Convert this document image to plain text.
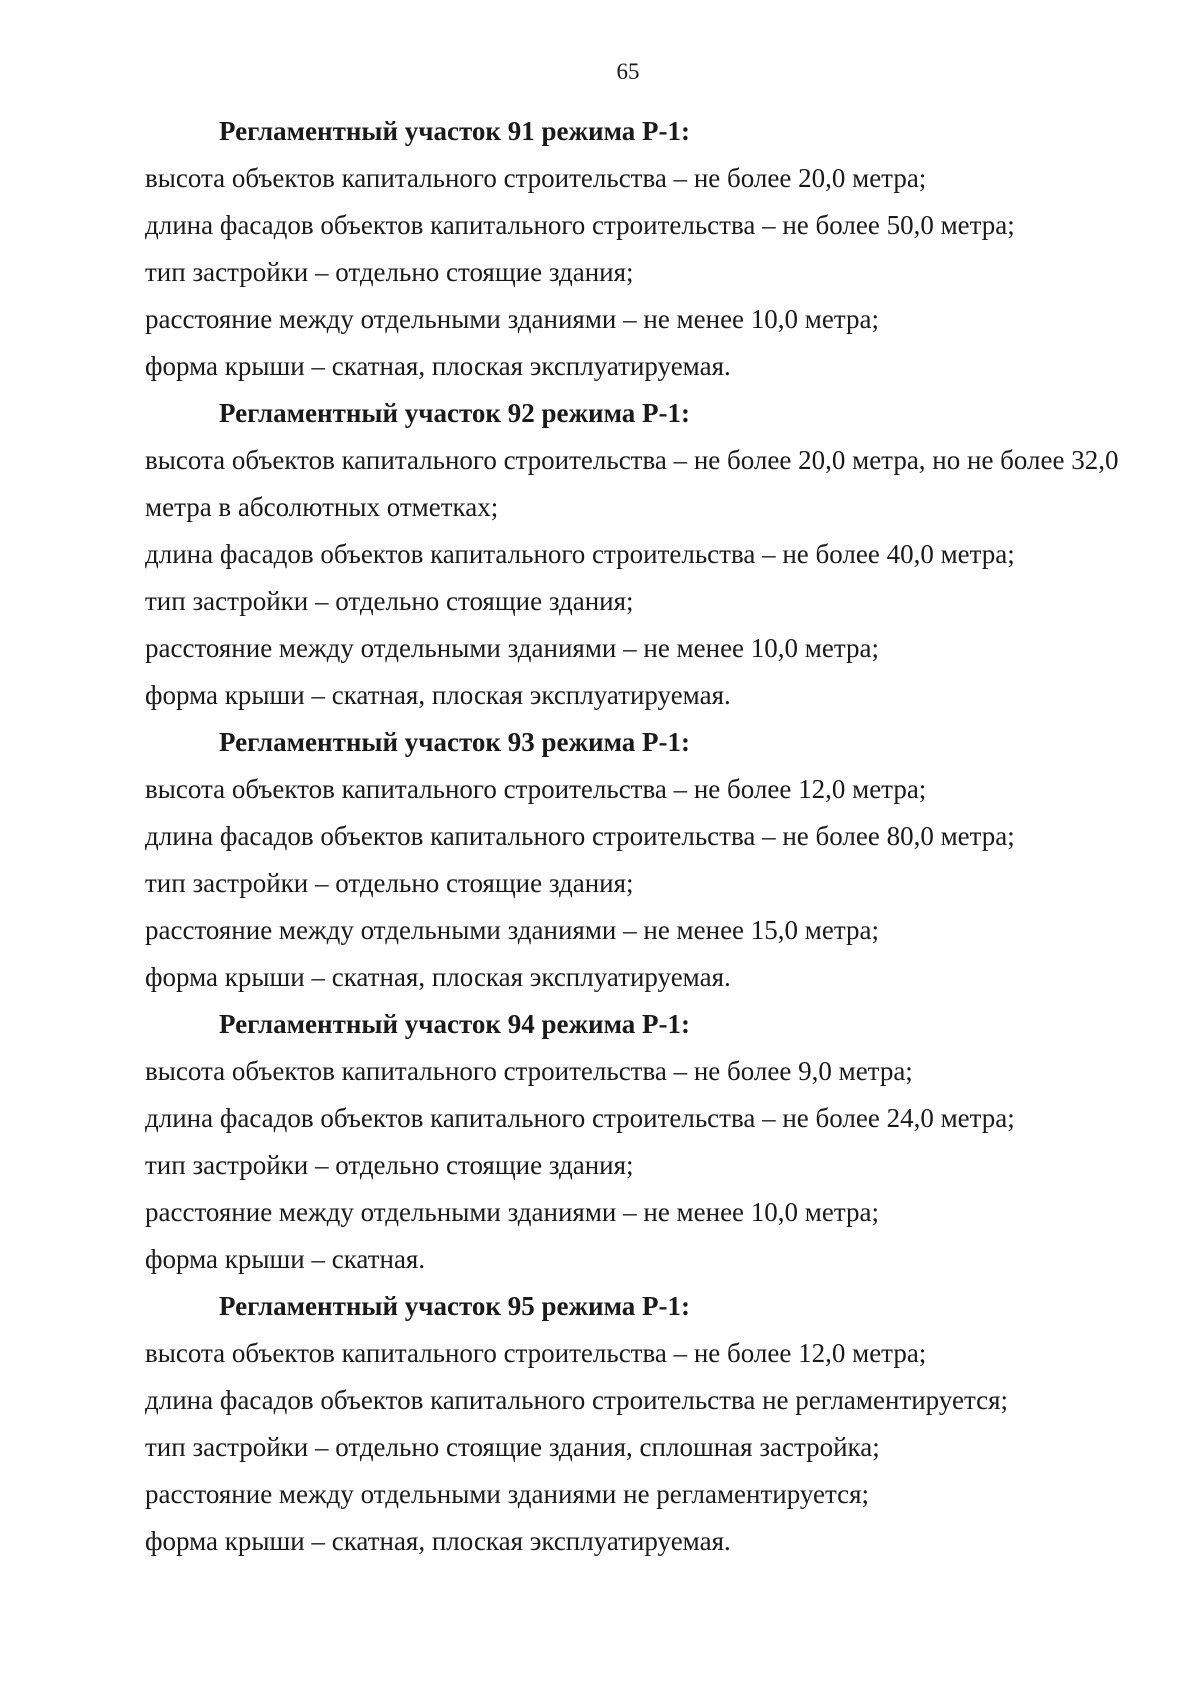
65
Регламентный участок 91 режима Р-1:
высота объектов капитального строительства – не более 20,0 метра;
длина фасадов объектов капитального строительства – не более 50,0 метра;
тип застройки – отдельно стоящие здания;
расстояние между отдельными зданиями – не менее 10,0 метра;
форма крыши – скатная, плоская эксплуатируемая.
Регламентный участок 92 режима Р-1:
высота объектов капитального строительства – не более 20,0 метра, но не более 32,0 метра в абсолютных отметках;
длина фасадов объектов капитального строительства – не более 40,0 метра;
тип застройки – отдельно стоящие здания;
расстояние между отдельными зданиями – не менее 10,0 метра;
форма крыши – скатная, плоская эксплуатируемая.
Регламентный участок 93 режима Р-1:
высота объектов капитального строительства – не более 12,0 метра;
длина фасадов объектов капитального строительства – не более 80,0 метра;
тип застройки – отдельно стоящие здания;
расстояние между отдельными зданиями – не менее 15,0 метра;
форма крыши – скатная, плоская эксплуатируемая.
Регламентный участок 94 режима Р-1:
высота объектов капитального строительства – не более 9,0 метра;
длина фасадов объектов капитального строительства – не более 24,0 метра;
тип застройки – отдельно стоящие здания;
расстояние между отдельными зданиями – не менее 10,0 метра;
форма крыши – скатная.
Регламентный участок 95 режима Р-1:
высота объектов капитального строительства – не более 12,0 метра;
длина фасадов объектов капитального строительства не регламентируется;
тип застройки – отдельно стоящие здания, сплошная застройка;
расстояние между отдельными зданиями не регламентируется;
форма крыши – скатная, плоская эксплуатируемая.
